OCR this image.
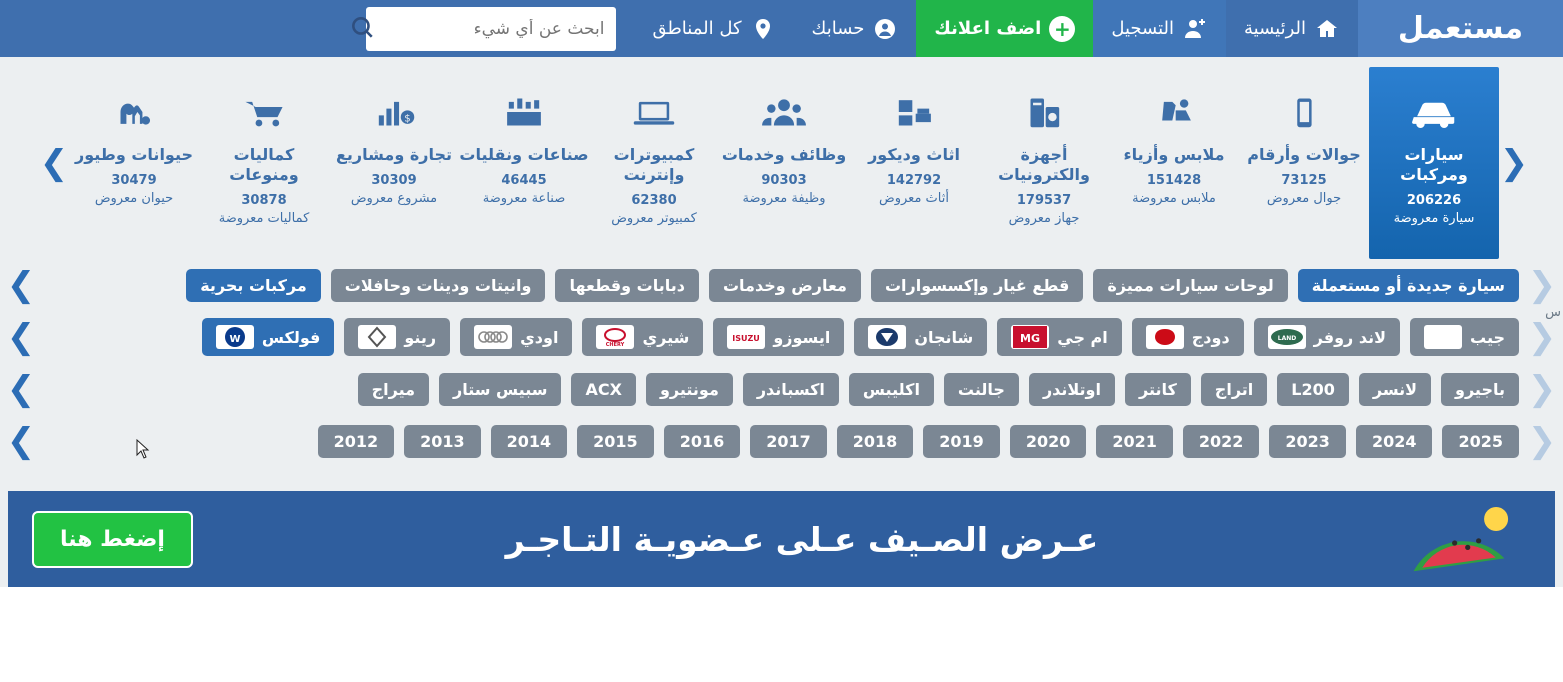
مستعمل
الرئيسية
التسجيل
+
اضف اعلانك
حسابك
كل المناطق
ابحث عن أي شيء
❮
سيارات ومركبات
206226
سيارة معروضة
جوالات وأرقام
73125
جوال معروض
ملابس وأزياء
151428
ملابس معروضة
أجهزة والكترونيات
179537
جهاز معروض
اثاث وديكور
142792
أثاث معروض
وظائف وخدمات
90303
وظيفة معروضة
كمبيوترات وإنترنت
62380
كمبيوتر معروض
صناعات ونقليات
46445
صناعة معروضة
$
تجارة ومشاريع
30309
مشروع معروض
كماليات ومنوعات
30878
كماليات معروضة
حيوانات وطيور
30479
حيوان معروض
❯
س
❮
سيارة جديدة أو مستعملة
لوحات سيارات مميزة
قطع غيار وإكسسوارات
معارض وخدمات
دبابات وقطعها
وانيتات ودينات وحافلات
مركبات بحرية
❯
❮
جيب
Jeep
لاند روفر
LAND
دودج
ام جي
MG
شانجان
ايسوزو
ISUZU
شيري
CHERY
اودي
رينو
فولكس
W
❯
❮
باجيرو
لانسر
L200
اتراج
كانتر
اوتلاندر
جالنت
اكليبس
اكسباندر
مونتيرو
ACX
سبيس ستار
ميراج
❯
❮
2025
2024
2023
2022
2021
2020
2019
2018
2017
2016
2015
2014
2013
2012
❯
عـرض الصـيف عـلى عـضويـة التـاجـر
إضغط هنا
